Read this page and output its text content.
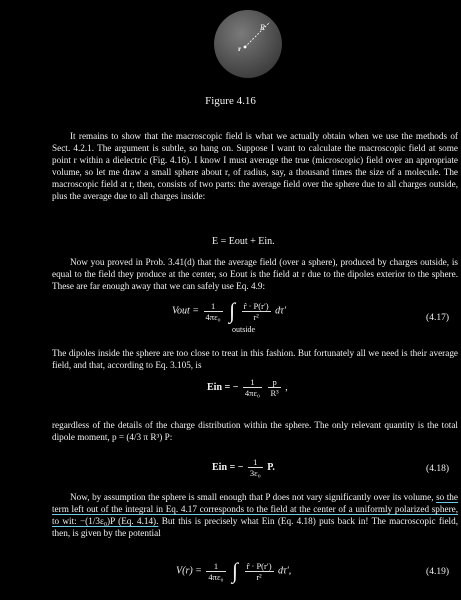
R
r
Figure 4.16

It remains to show that the macroscopic field is what we actually obtain when we use the methods of Sect. 4.2.1. The argument is subtle, so hang on. Suppose I want to calculate the macroscopic field at some point r within a dielectric (Fig. 4.16). I know I must average the true (microscopic) field over an appropriate volume, so let me draw a small sphere about r, of radius, say, a thousand times the size of a molecule. The macroscopic field at r, then, consists of two parts: the average field over the sphere due to all charges outside, plus the average due to all charges inside:

E = Eout + Ein.

Now you proved in Prob. 3.41(d) that the average field (over a sphere), produced by charges outside, is equal to the field they produce at the center, so Eout is the field at r due to the dipoles exterior to the sphere. These are far enough away that we can safely use Eq. 4.9:

Vout = $\frac{1}{\text{4πε₀}}$ ∫ $\frac{r̂ \cdot P(r')}{\text{r²}} d\tau'$
outside
(4.17)

The dipoles inside the sphere are too close to treat in this fashion. But fortunately all we need is their average field, and that, according to Eq. 3.105, is

Ein = − $\frac{1}{\text{4πε₀}}$
$\frac{p}{\text{R³}}$ ,

regardless of the details of the charge distribution within the sphere. The only relevant quantity is the total dipole moment, p = (4/3 π R³) P:

Ein = − $\frac{1}{\text{3ε₀}} P$.	(4.18)

Now, by assumption the sphere is small enough that P does not vary significantly over its volume, so the term left out of the integral in Eq. 4.17 corresponds to the field at the center of a uniformly polarized sphere, to wit: −(1/3ε₀)P (Eq. 4.14). But this is precisely what Ein (Eq. 4.18) puts back in! The macroscopic field, then, is given by the potential

$V(r) = \frac{1}{\text{4πε₀}}$ ∫ $\frac{r̂ \cdot P(r')}{\text{r²}} d\tau'$,	(4.19)
